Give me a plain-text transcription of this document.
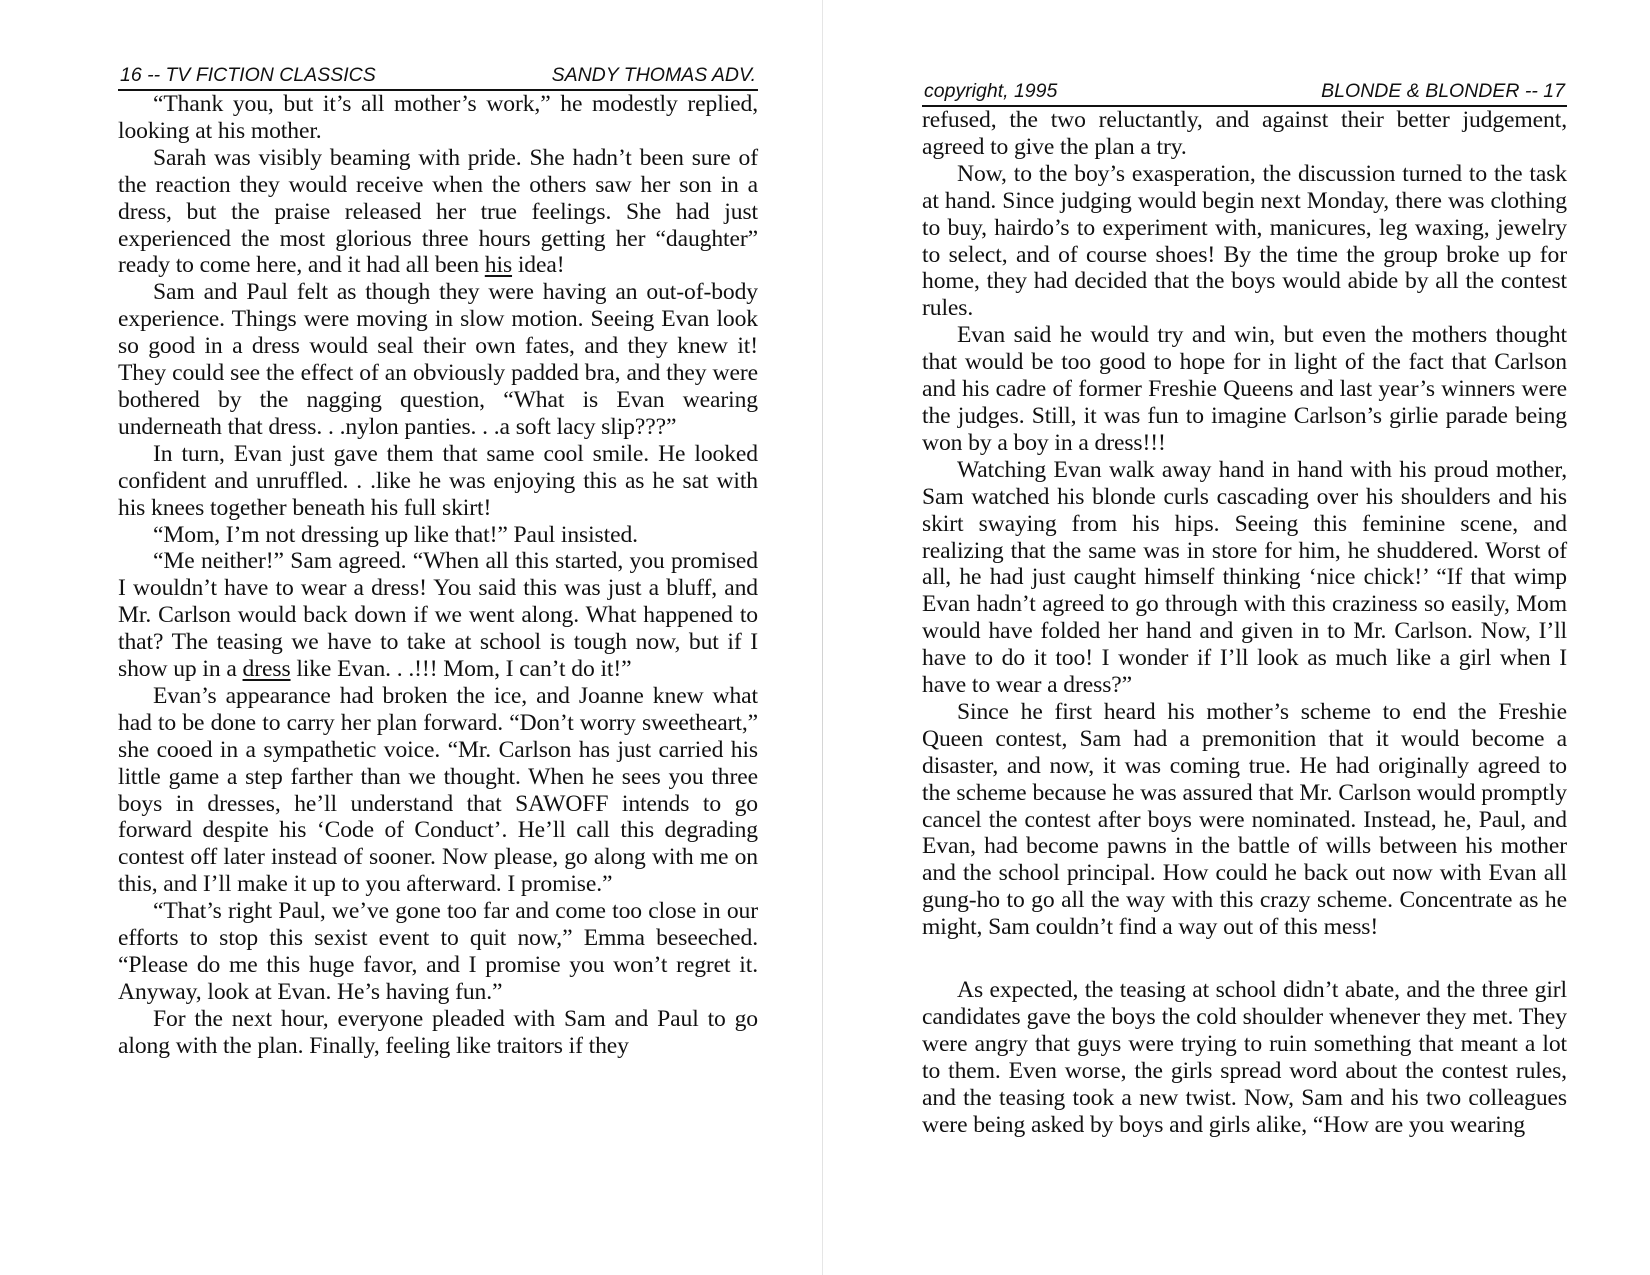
16 -- TV FICTION CLASSICS	SANDY THOMAS ADV.

“Thank you, but it’s all mother’s work,” he modestly replied, looking at his mother.

Sarah was visibly beaming with pride. She hadn’t been sure of the reaction they would receive when the others saw her son in a dress, but the praise released her true feelings. She had just experienced the most glorious three hours getting her “daughter” ready to come here, and it had all been his idea!

Sam and Paul felt as though they were having an out-of-body experience. Things were moving in slow motion. Seeing Evan look so good in a dress would seal their own fates, and they knew it! They could see the effect of an obviously padded bra, and they were bothered by the nagging question, “What is Evan wearing underneath that dress. . .nylon panties. . .a soft lacy slip???”

In turn, Evan just gave them that same cool smile. He looked confident and unruffled. . .like he was enjoying this as he sat with his knees together beneath his full skirt!

“Mom, I’m not dressing up like that!” Paul insisted.

“Me neither!” Sam agreed. “When all this started, you promised I wouldn’t have to wear a dress! You said this was just a bluff, and Mr. Carlson would back down if we went along. What happened to that? The teasing we have to take at school is tough now, but if I show up in a dress like Evan. . .!!! Mom, I can’t do it!”

Evan’s appearance had broken the ice, and Joanne knew what had to be done to carry her plan forward. “Don’t worry sweetheart,” she cooed in a sympathetic voice. “Mr. Carlson has just carried his little game a step farther than we thought. When he sees you three boys in dresses, he’ll understand that SAWOFF intends to go forward despite his ‘Code of Conduct’. He’ll call this degrading contest off later instead of sooner. Now please, go along with me on this, and I’ll make it up to you afterward. I promise.”

“That’s right Paul, we’ve gone too far and come too close in our efforts to stop this sexist event to quit now,” Emma beseeched. “Please do me this huge favor, and I promise you won’t regret it. Anyway, look at Evan. He’s having fun.”

For the next hour, everyone pleaded with Sam and Paul to go along with the plan. Finally, feeling like traitors if they

copyright, 1995	BLONDE & BLONDER -- 17

refused, the two reluctantly, and against their better judgement, agreed to give the plan a try.

Now, to the boy’s exasperation, the discussion turned to the task at hand. Since judging would begin next Monday, there was clothing to buy, hairdo’s to experiment with, manicures, leg waxing, jewelry to select, and of course shoes! By the time the group broke up for home, they had decided that the boys would abide by all the contest rules.

Evan said he would try and win, but even the mothers thought that would be too good to hope for in light of the fact that Carlson and his cadre of former Freshie Queens and last year’s winners were the judges. Still, it was fun to imagine Carlson’s girlie parade being won by a boy in a dress!!!

Watching Evan walk away hand in hand with his proud mother, Sam watched his blonde curls cascading over his shoulders and his skirt swaying from his hips. Seeing this feminine scene, and realizing that the same was in store for him, he shuddered. Worst of all, he had just caught himself thinking ‘nice chick!’ “If that wimp Evan hadn’t agreed to go through with this craziness so easily, Mom would have folded her hand and given in to Mr. Carlson. Now, I’ll have to do it too! I wonder if I’ll look as much like a girl when I have to wear a dress?”

Since he first heard his mother’s scheme to end the Freshie Queen contest, Sam had a premonition that it would become a disaster, and now, it was coming true. He had originally agreed to the scheme because he was assured that Mr. Carlson would promptly cancel the contest after boys were nominated. Instead, he, Paul, and Evan, had become pawns in the battle of wills between his mother and the school principal. How could he back out now with Evan all gung-ho to go all the way with this crazy scheme. Concentrate as he might, Sam couldn’t find a way out of this mess!

As expected, the teasing at school didn’t abate, and the three girl candidates gave the boys the cold shoulder whenever they met. They were angry that guys were trying to ruin something that meant a lot to them. Even worse, the girls spread word about the contest rules, and the teasing took a new twist. Now, Sam and his two colleagues were being asked by boys and girls alike, “How are you wearing
